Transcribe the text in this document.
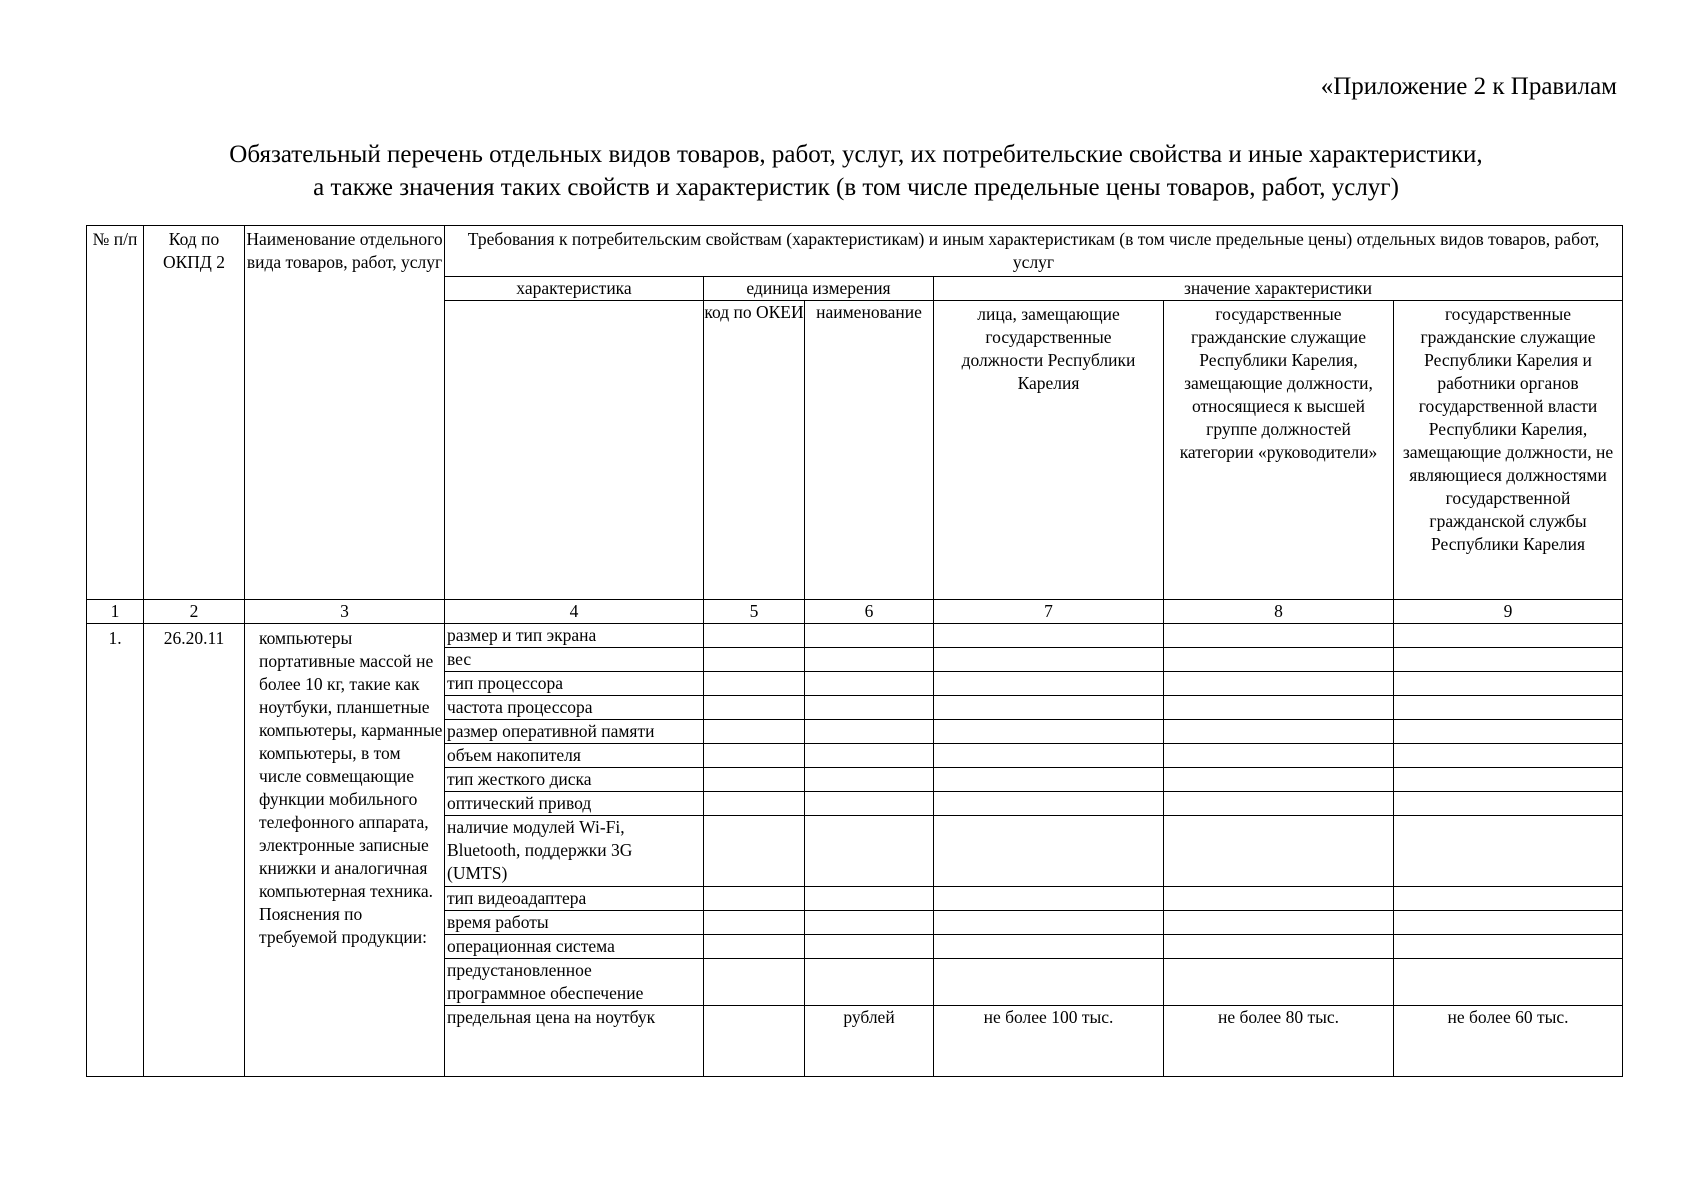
«Приложение 2 к Правилам
Обязательный перечень отдельных видов товаров, работ, услуг, их потребительские свойства и иные характеристики,
а также значения таких свойств и характеристик (в том числе предельные цены товаров, работ, услуг)
№ п/п	Код по ОКПД 2	Наименование отдельного вида товаров, работ, услуг	Требования к потребительским свойствам (характеристикам) и иным характеристикам (в том числе предельные цены) отдельных видов товаров, работ, услуг					
			характеристика	единица измерения		значение характеристики		
				код по ОКЕИ	наименование	лица, замещающие государственные должности Республики Карелия	государственные гражданские служащие Республики Карелия, замещающие должности, относящиеся к высшей группе должностей категории «руководители»	государственные гражданские служащие Республики Карелия и работники органов государственной власти Республики Карелия, замещающие должности, не являющиеся должностями государственной гражданской службы Республики Карелия
1	2	3	4	5	6	7	8	9
1.	26.20.11	компьютеры портативные массой не более 10 кг, такие как ноутбуки, планшетные компьютеры, карманные компьютеры, в том числе совмещающие функции мобильного телефонного аппарата, электронные записные книжки и аналогичная компьютерная техника. Пояснения по требуемой продукции:	размер и тип экрана					
			вес					
			тип процессора					
			частота процессора					
			размер оперативной памяти					
			объем накопителя					
			тип жесткого диска					
			оптический привод					
			наличие модулей Wi-Fi, Bluetooth, поддержки 3G (UMTS)					
			тип видеоадаптера					
			время работы					
			операционная система					
			предустановленное программное обеспечение					
			предельная цена на ноутбук		рублей	не более 100 тыс.	не более 80 тыс.	не более 60 тыс.
